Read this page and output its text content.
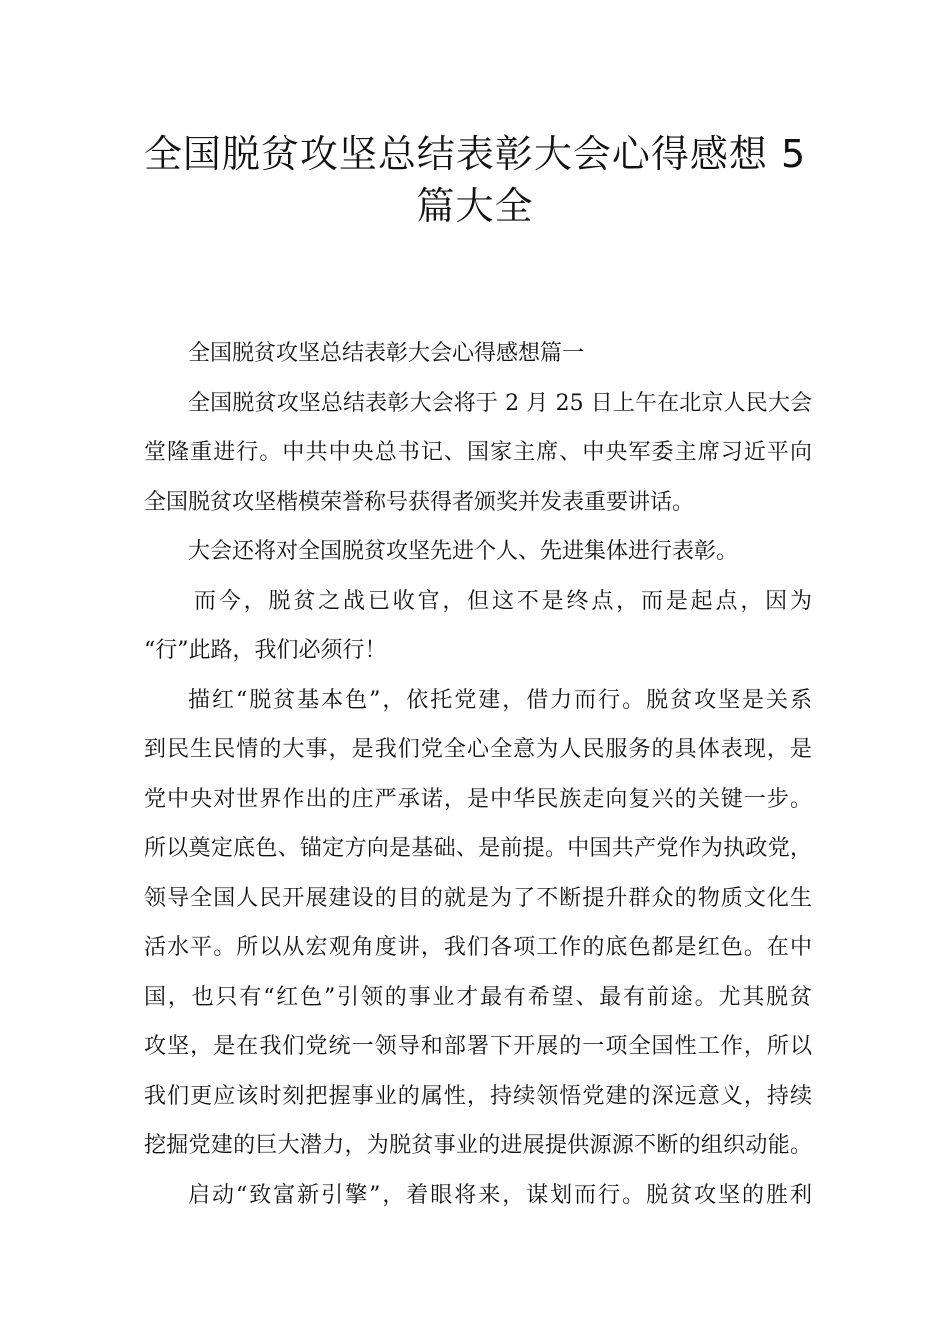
全国脱贫攻坚总结表彰大会心得感想 5
篇大全
全国脱贫攻坚总结表彰大会心得感想篇一
全国脱贫攻坚总结表彰大会将于 2 月 25 日上午在北京人民大会
堂隆重进行。中共中央总书记、国家主席、中央军委主席习近平向
全国脱贫攻坚楷模荣誉称号获得者颁奖并发表重要讲话。
大会还将对全国脱贫攻坚先进个人、先进集体进行表彰。
而今，脱贫之战已收官，但这不是终点，而是起点，因为
“行”此路，我们必须行！
描红“脱贫基本色”，依托党建，借力而行。脱贫攻坚是关系
到民生民情的大事，是我们党全心全意为人民服务的具体表现，是
党中央对世界作出的庄严承诺，是中华民族走向复兴的关键一步。
所以奠定底色、锚定方向是基础、是前提。中国共产党作为执政党，
领导全国人民开展建设的目的就是为了不断提升群众的物质文化生
活水平。所以从宏观角度讲，我们各项工作的底色都是红色。在中
国，也只有“红色”引领的事业才最有希望、最有前途。尤其脱贫
攻坚，是在我们党统一领导和部署下开展的一项全国性工作，所以
我们更应该时刻把握事业的属性，持续领悟党建的深远意义，持续
挖掘党建的巨大潜力，为脱贫事业的进展提供源源不断的组织动能。
启动“致富新引擎”，着眼将来，谋划而行。脱贫攻坚的胜利
